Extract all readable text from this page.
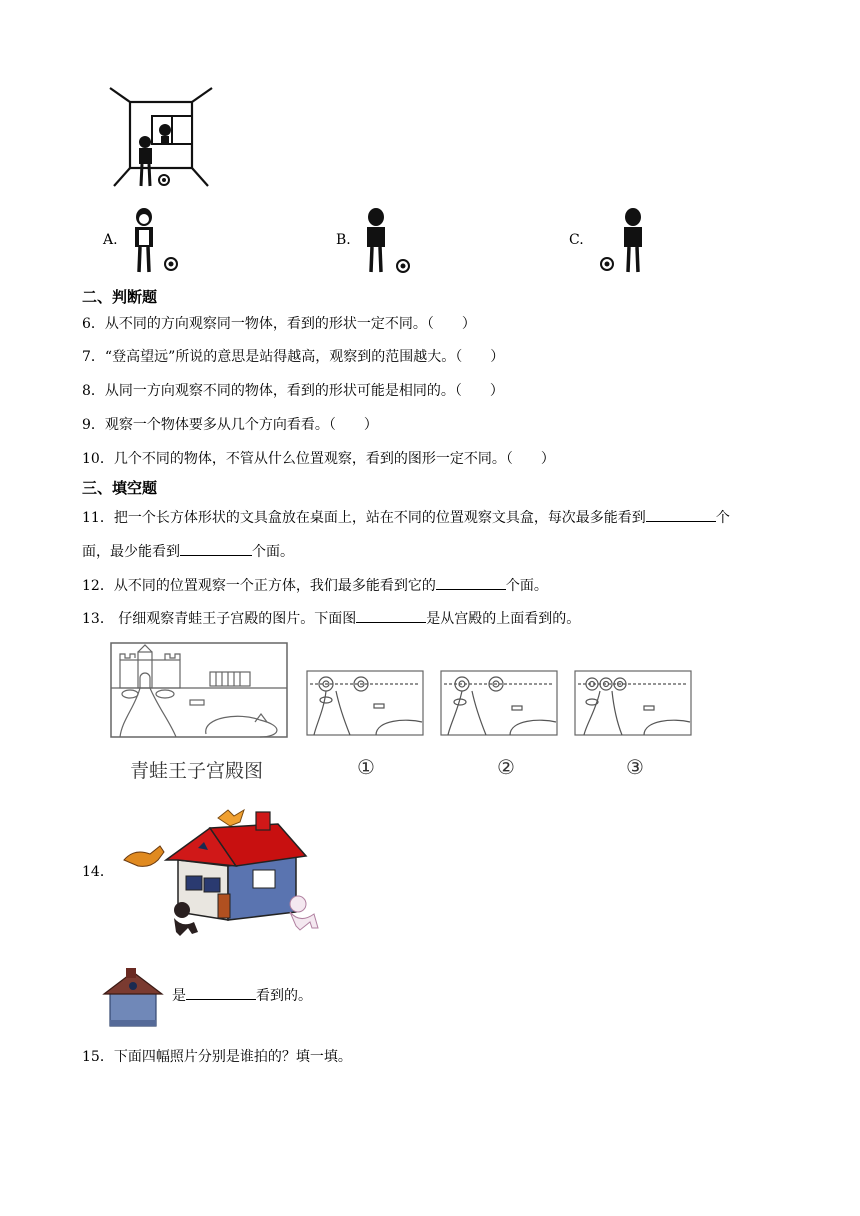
A.	B.	C.
二、判断题
6．从不同的方向观察同一物体，看到的形状一定不同。（　　）
7．“登高望远”所说的意思是站得越高，观察到的范围越大。（　　）
8．从同一方向观察不同的物体，看到的形状可能是相同的。（　　）
9．观察一个物体要多从几个方向看看。（　　）
10．几个不同的物体，不管从什么位置观察，看到的图形一定不同。（　　）
三、填空题
11．把一个长方体形状的文具盒放在桌面上，站在不同的位置观察文具盒，每次最多能看到	个
面，最少能看到	个面。
12．从不同的位置观察一个正方体，我们最多能看到它的	个面。
13． 仔细观察青蛙王子宫殿的图片。下面图	是从宫殿的上面看到的。
青蛙王子宫殿图	①	②	③
14．
是	看到的。
15．下面四幅照片分别是谁拍的？填一填。
